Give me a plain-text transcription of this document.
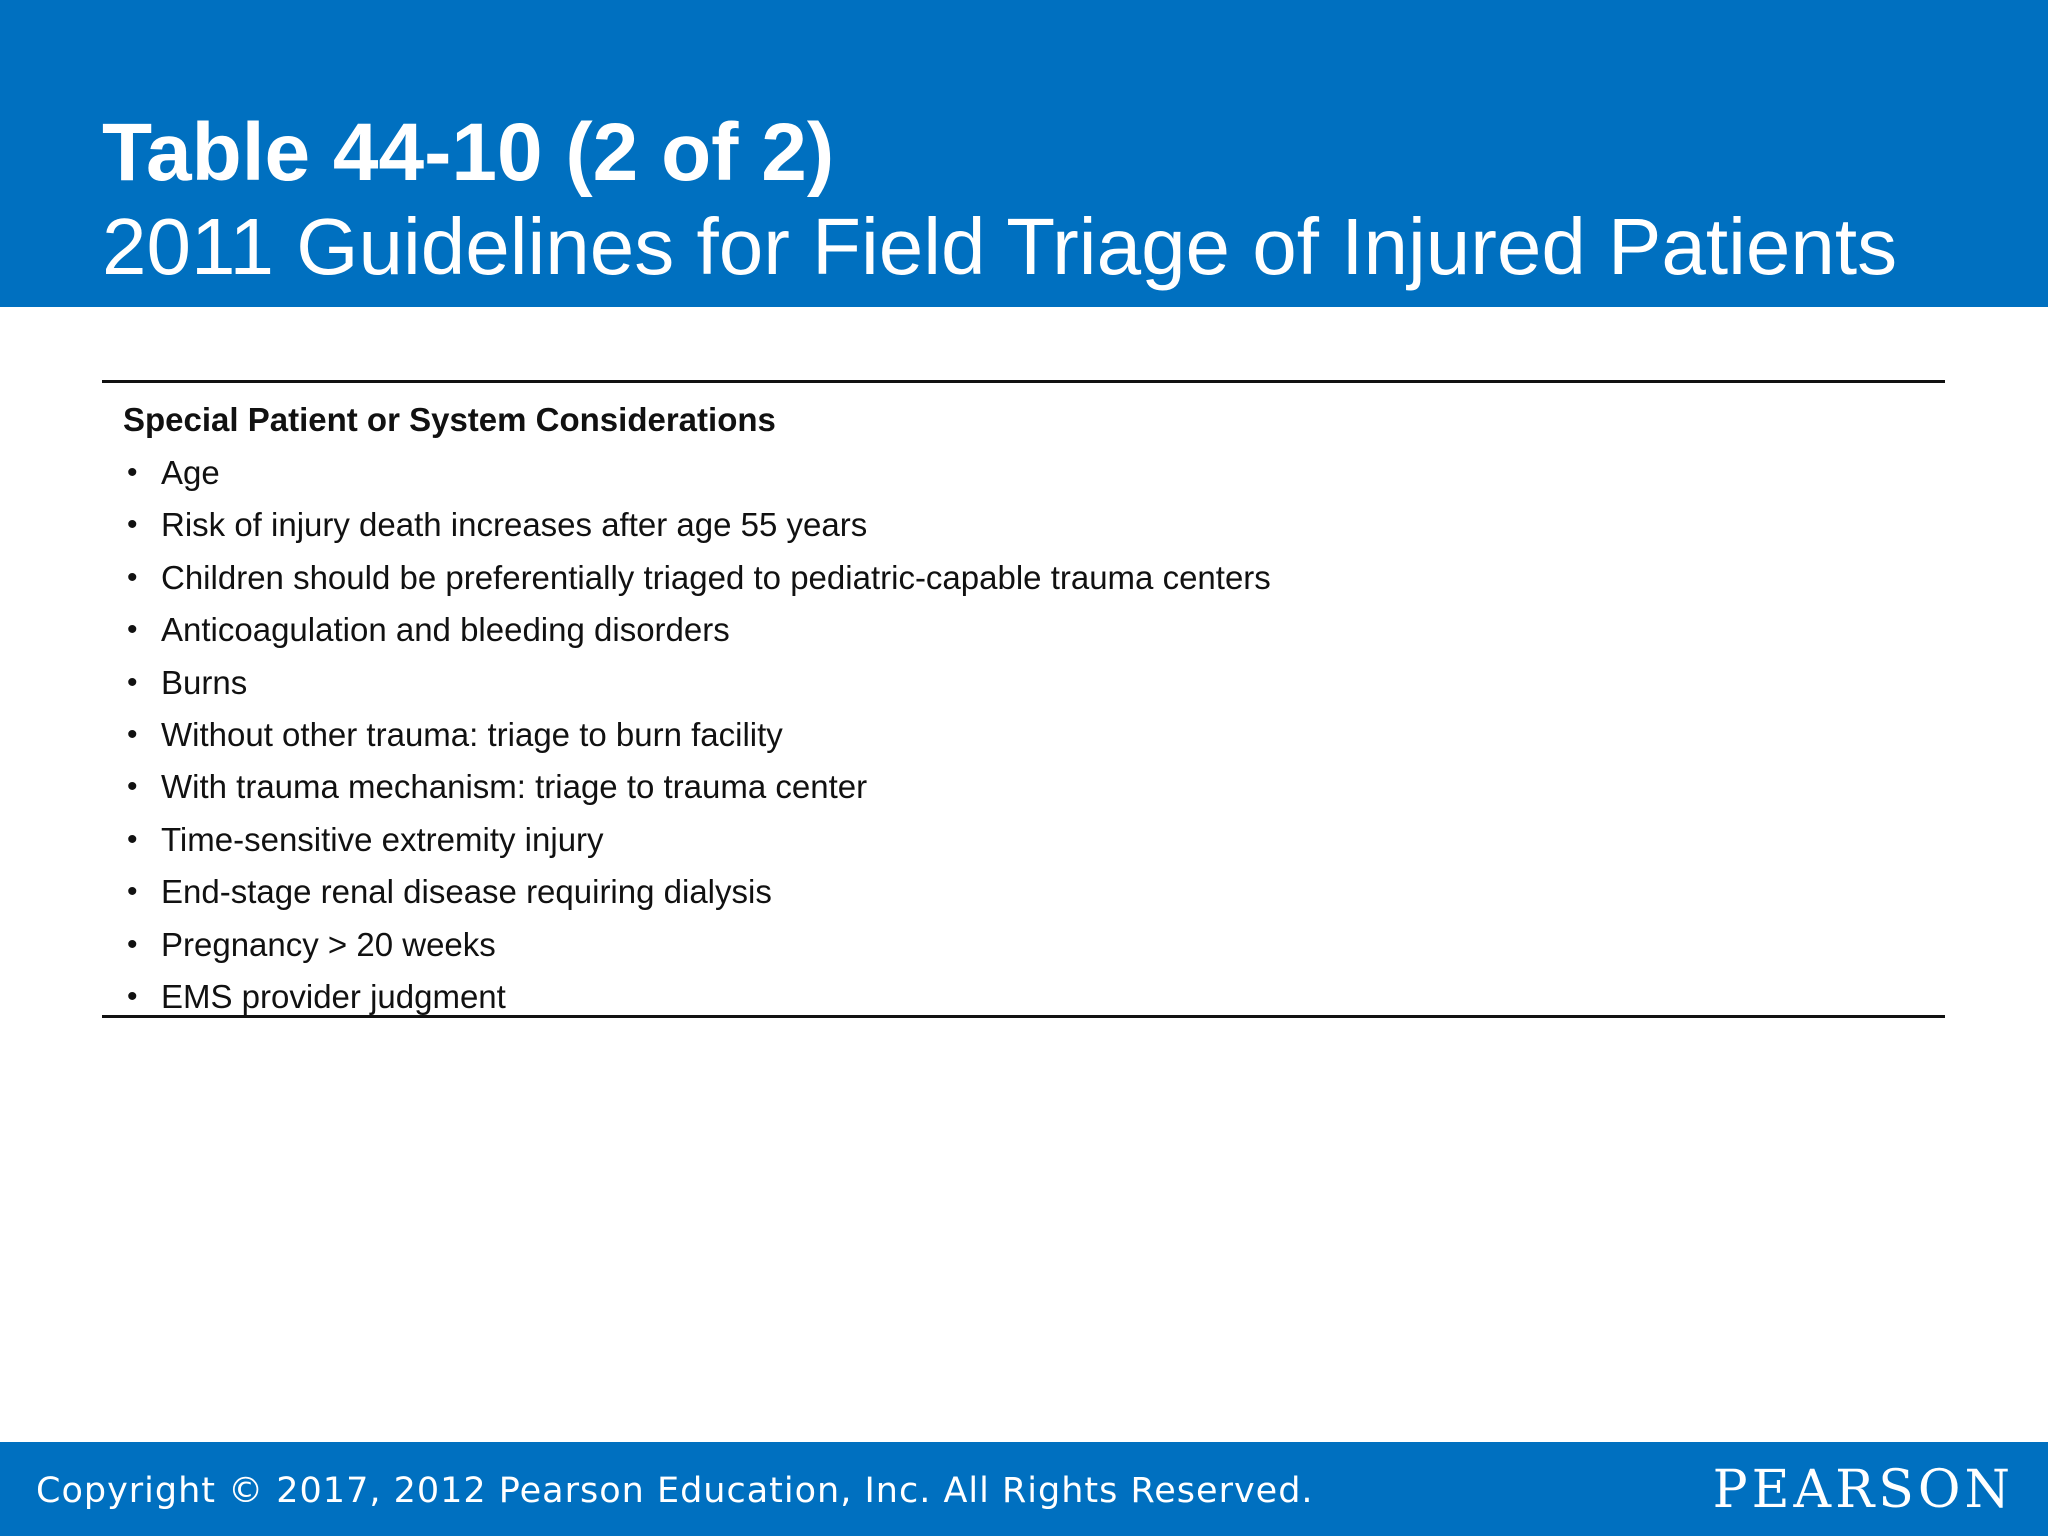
Table 44-10 (2 of 2)
2011 Guidelines for Field Triage of Injured Patients
Special Patient or System Considerations
• Age
• Risk of injury death increases after age 55 years
• Children should be preferentially triaged to pediatric-capable trauma centers
• Anticoagulation and bleeding disorders
• Burns
• Without other trauma: triage to burn facility
• With trauma mechanism: triage to trauma center
• Time-sensitive extremity injury
• End-stage renal disease requiring dialysis
• Pregnancy > 20 weeks
• EMS provider judgment
Copyright © 2017, 2012 Pearson Education, Inc. All Rights Reserved.	PEARSON
